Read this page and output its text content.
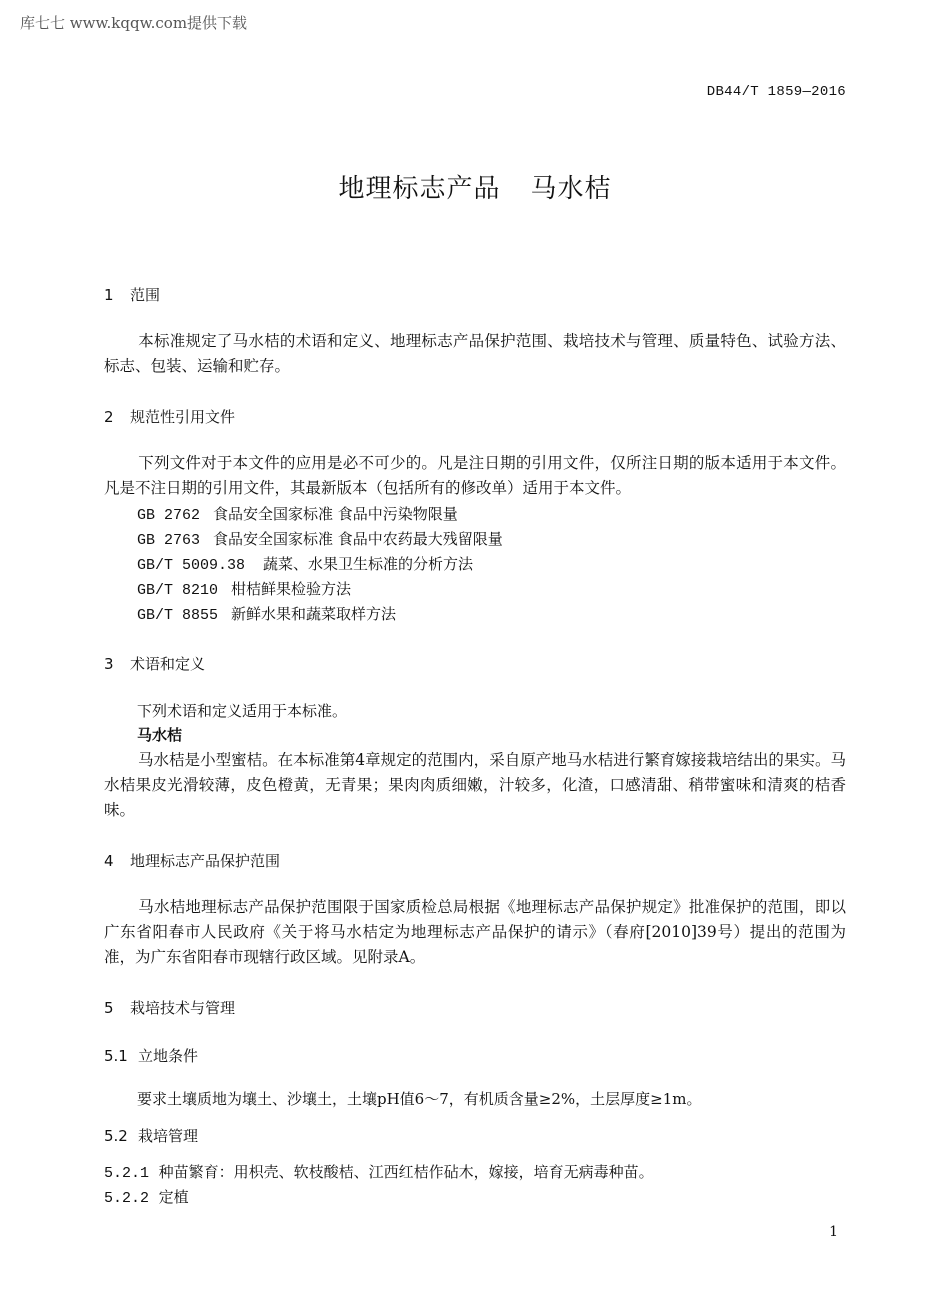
库七七 www.kqqw.com提供下载
DB44/T 1859—2016
地理标志产品 马水桔
1 范围
本标准规定了马水桔的术语和定义、地理标志产品保护范围、栽培技术与管理、质量特色、试验方法、标志、包装、运输和贮存。
2 规范性引用文件
下列文件对于本文件的应用是必不可少的。凡是注日期的引用文件，仅所注日期的版本适用于本文件。凡是不注日期的引用文件，其最新版本（包括所有的修改单）适用于本文件。
GB 2762 食品安全国家标准 食品中污染物限量
GB 2763 食品安全国家标准 食品中农药最大残留限量
GB/T 5009.38 蔬菜、水果卫生标准的分析方法
GB/T 8210 柑桔鲜果检验方法
GB/T 8855 新鲜水果和蔬菜取样方法
3 术语和定义
下列术语和定义适用于本标准。
马水桔
马水桔是小型蜜桔。在本标准第4章规定的范围内，采自原产地马水桔进行繁育嫁接栽培结出的果实。马水桔果皮光滑较薄，皮色橙黄，无青果；果肉肉质细嫩，汁较多，化渣，口感清甜、稍带蜜味和清爽的桔香味。
4 地理标志产品保护范围
马水桔地理标志产品保护范围限于国家质检总局根据《地理标志产品保护规定》批准保护的范围，即以广东省阳春市人民政府《关于将马水桔定为地理标志产品保护的请示》（春府[2010]39号）提出的范围为准，为广东省阳春市现辖行政区域。见附录A。
5 栽培技术与管理
5.1 立地条件
要求土壤质地为壤土、沙壤土，土壤pH值6～7，有机质含量≥2%，土层厚度≥1m。
5.2 栽培管理
5.2.1 种苗繁育：用枳壳、软枝酸桔、江西红桔作砧木，嫁接，培育无病毒种苗。
5.2.2 定植
1
